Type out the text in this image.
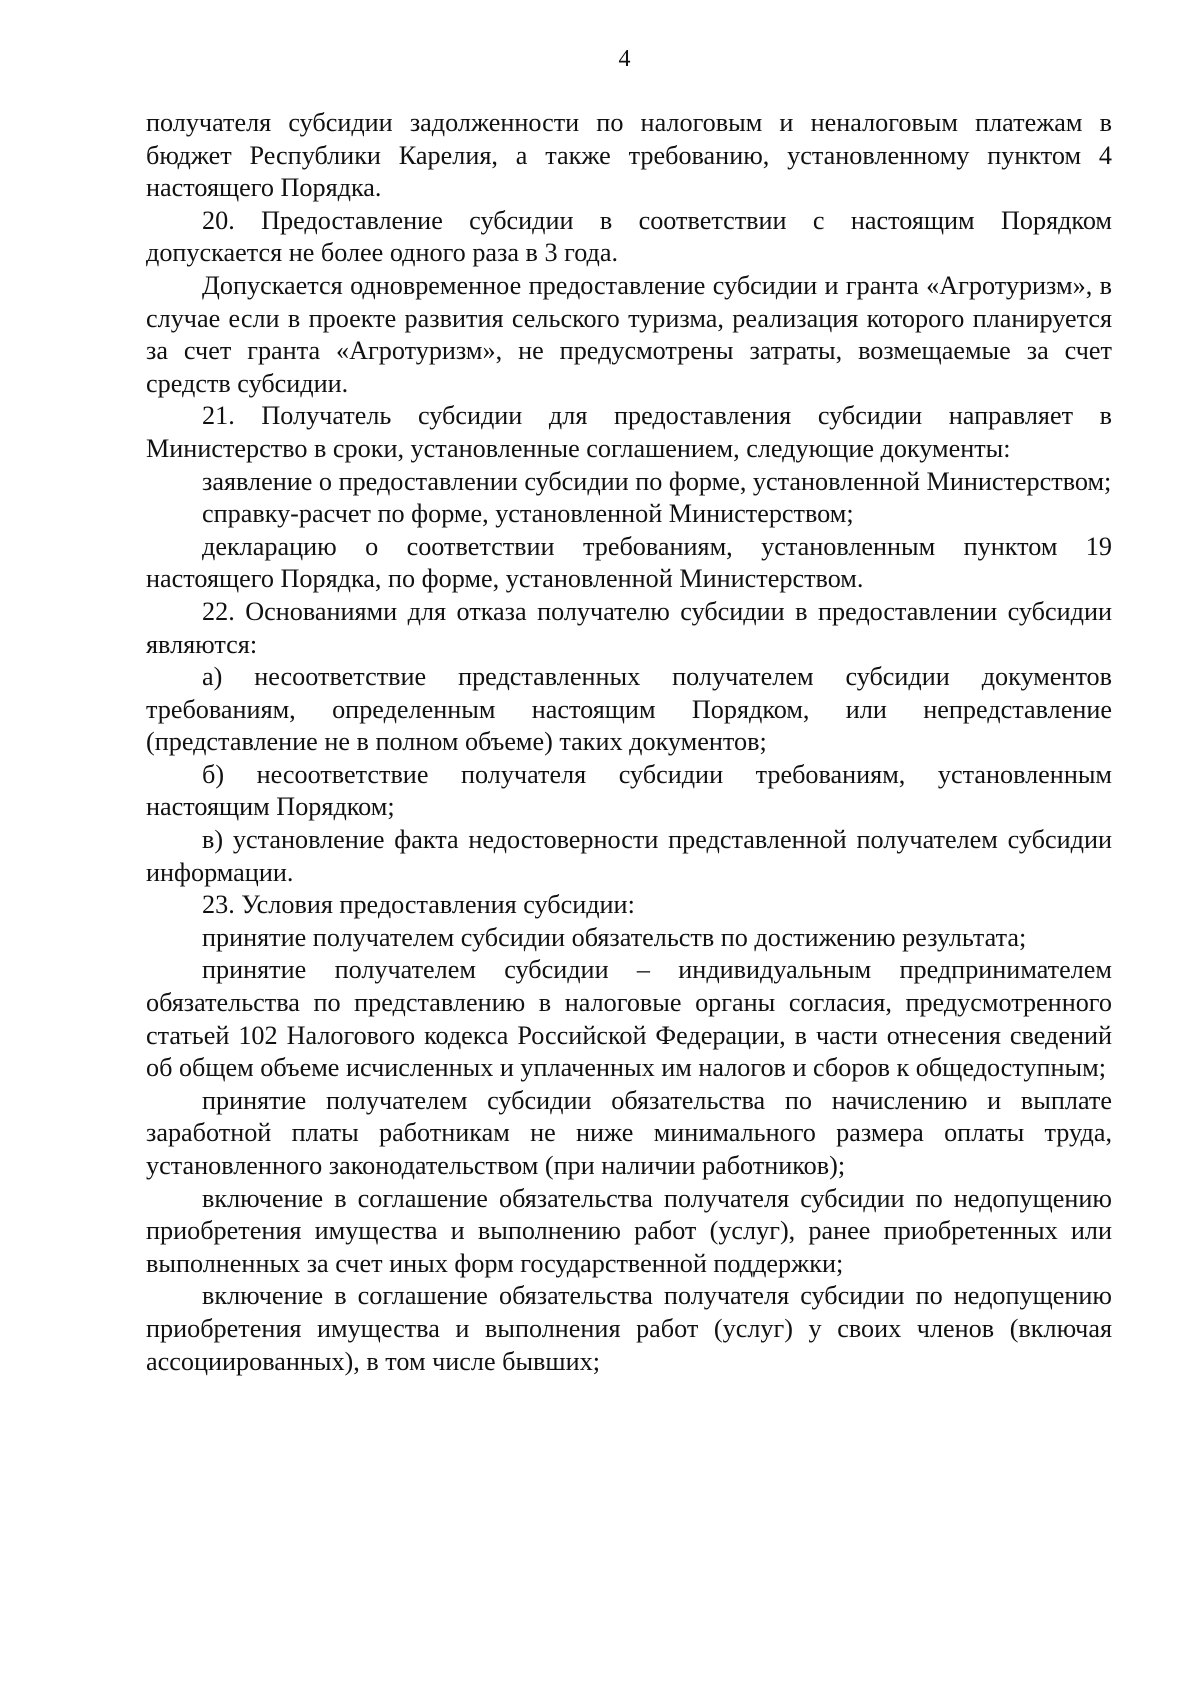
4

получателя субсидии задолженности по налоговым и неналоговым платежам в бюджет Республики Карелия, а также требованию, установленному пунктом 4 настоящего Порядка.

20. Предоставление субсидии в соответствии с настоящим Порядком допускается не более одного раза в 3 года.

Допускается одновременное предоставление субсидии и гранта «Агротуризм», в случае если в проекте развития сельского туризма, реализация которого планируется за счет гранта «Агротуризм», не предусмотрены затраты, возмещаемые за счет средств субсидии.

21. Получатель субсидии для предоставления субсидии направляет в Министерство в сроки, установленные соглашением, следующие документы:

заявление о предоставлении субсидии по форме, установленной Министерством;

справку-расчет по форме, установленной Министерством;

декларацию о соответствии требованиям, установленным пунктом 19 настоящего Порядка, по форме, установленной Министерством.

22. Основаниями для отказа получателю субсидии в предоставлении субсидии являются:

а) несоответствие представленных получателем субсидии документов требованиям, определенным настоящим Порядком, или непредставление (представление не в полном объеме) таких документов;

б) несоответствие получателя субсидии требованиям, установленным настоящим Порядком;

в) установление факта недостоверности представленной получателем субсидии информации.

23. Условия предоставления субсидии:

принятие получателем субсидии обязательств по достижению результата;

принятие получателем субсидии – индивидуальным предпринимателем обязательства по представлению в налоговые органы согласия, предусмотренного статьей 102 Налогового кодекса Российской Федерации, в части отнесения сведений об общем объеме исчисленных и уплаченных им налогов и сборов к общедоступным;

принятие получателем субсидии обязательства по начислению и выплате заработной платы работникам не ниже минимального размера оплаты труда, установленного законодательством (при наличии работников);

включение в соглашение обязательства получателя субсидии по недопущению приобретения имущества и выполнению работ (услуг), ранее приобретенных или выполненных за счет иных форм государственной поддержки;

включение в соглашение обязательства получателя субсидии по недопущению приобретения имущества и выполнения работ (услуг) у своих членов (включая ассоциированных), в том числе бывших;
